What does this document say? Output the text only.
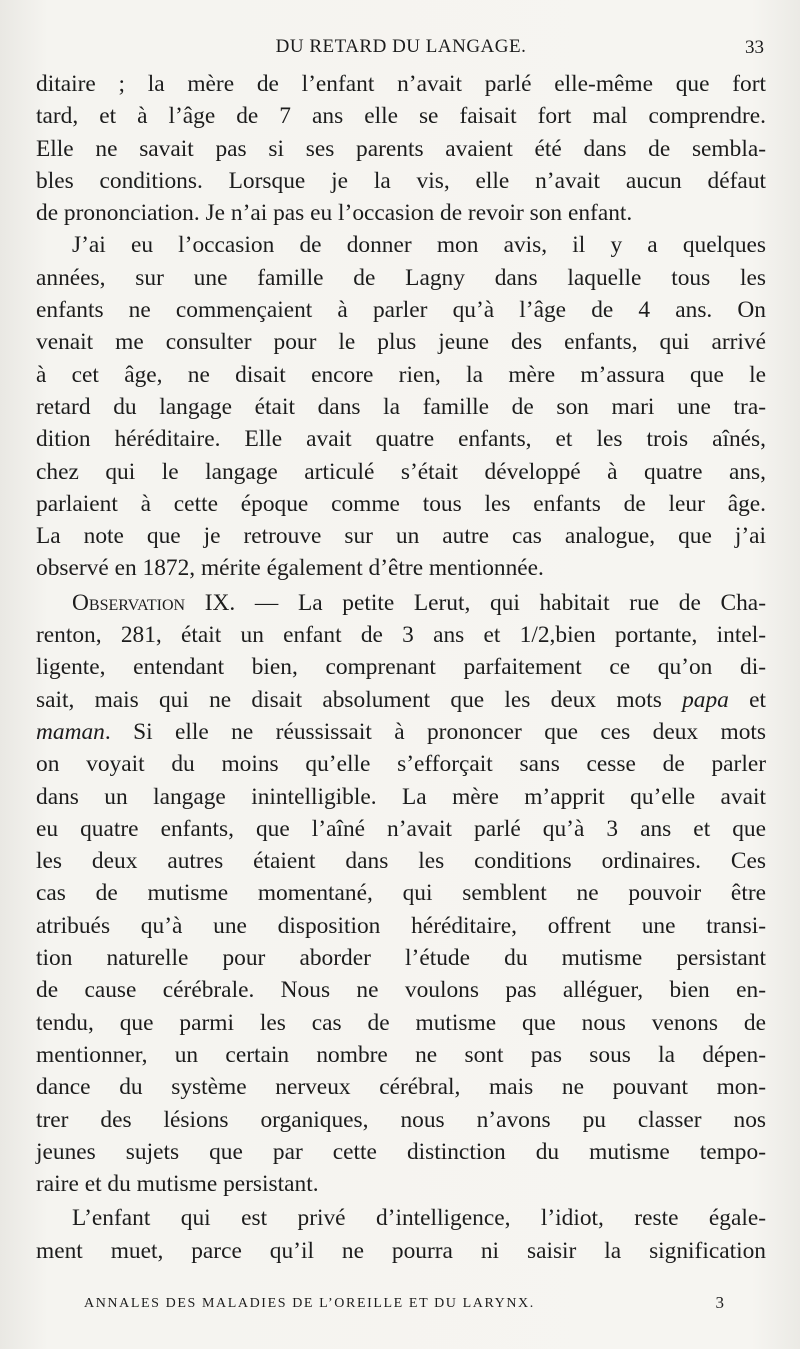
DU RETARD DU LANGAGE.	33
ditaire ; la mère de l’enfant n’avait parlé elle-même que fort
tard, et à l’âge de 7 ans elle se faisait fort mal comprendre.
Elle ne savait pas si ses parents avaient été dans de sembla-
bles conditions. Lorsque je la vis, elle n’avait aucun défaut
de prononciation. Je n’ai pas eu l’occasion de revoir son enfant.
J’ai eu l’occasion de donner mon avis, il y a quelques
années, sur une famille de Lagny dans laquelle tous les
enfants ne commençaient à parler qu’à l’âge de 4 ans. On
venait me consulter pour le plus jeune des enfants, qui arrivé
à cet âge, ne disait encore rien, la mère m’assura que le
retard du langage était dans la famille de son mari une tra-
dition héréditaire. Elle avait quatre enfants, et les trois aînés,
chez qui le langage articulé s’était développé à quatre ans,
parlaient à cette époque comme tous les enfants de leur âge.
La note que je retrouve sur un autre cas analogue, que j’ai
observé en 1872, mérite également d’être mentionnée.
Observation IX. — La petite Lerut, qui habitait rue de Cha-
renton, 281, était un enfant de 3 ans et 1/2,bien portante, intel-
ligente, entendant bien, comprenant parfaitement ce qu’on di-
sait, mais qui ne disait absolument que les deux mots papa et
maman. Si elle ne réussissait à prononcer que ces deux mots
on voyait du moins qu’elle s’efforçait sans cesse de parler
dans un langage inintelligible. La mère m’apprit qu’elle avait
eu quatre enfants, que l’aîné n’avait parlé qu’à 3 ans et que
les deux autres étaient dans les conditions ordinaires. Ces
cas de mutisme momentané, qui semblent ne pouvoir être
atribués qu’à une disposition héréditaire, offrent une transi-
tion naturelle pour aborder l’étude du mutisme persistant
de cause cérébrale. Nous ne voulons pas alléguer, bien en-
tendu, que parmi les cas de mutisme que nous venons de
mentionner, un certain nombre ne sont pas sous la dépen-
dance du système nerveux cérébral, mais ne pouvant mon-
trer des lésions organiques, nous n’avons pu classer nos
jeunes sujets que par cette distinction du mutisme tempo-
raire et du mutisme persistant.
L’enfant qui est privé d’intelligence, l’idiot, reste égale-
ment muet, parce qu’il ne pourra ni saisir la signification
ANNALES DES MALADIES DE L’OREILLE ET DU LARYNX.	3
